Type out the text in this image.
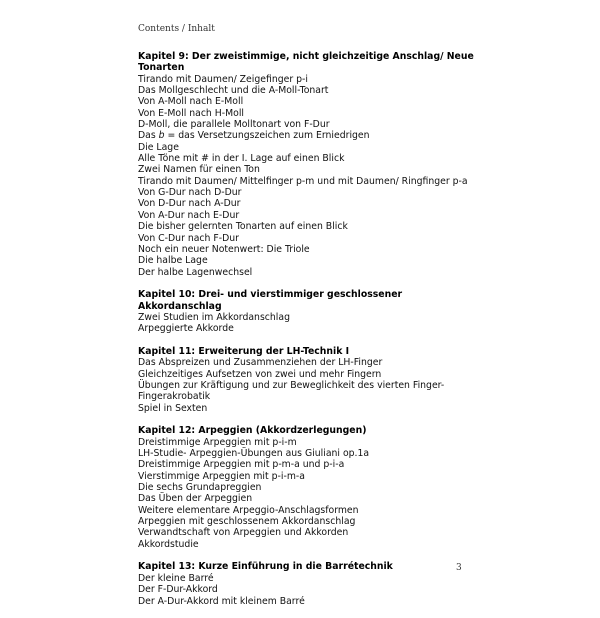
Contents / Inhalt
Kapitel 9: Der zweistimmige, nicht gleichzeitige Anschlag/ Neue Tonarten
Tirando mit Daumen/ Zeigefinger p-i
Das Mollgeschlecht und die A-Moll-Tonart
Von A-Moll nach E-Moll
Von E-Moll nach H-Moll
D-Moll, die parallele Molltonart von F-Dur
Das b = das Versetzungszeichen zum Erniedrigen
Die Lage
Alle Töne mit # in der I. Lage auf einen Blick
Zwei Namen für einen Ton
Tirando mit Daumen/ Mittelfinger p-m und mit Daumen/ Ringfinger p-a
Von G-Dur nach D-Dur
Von D-Dur nach A-Dur
Von A-Dur nach E-Dur
Die bisher gelernten Tonarten auf einen Blick
Von C-Dur nach F-Dur
Noch ein neuer Notenwert: Die Triole
Die halbe Lage
Der halbe Lagenwechsel
Kapitel 10: Drei- und vierstimmiger geschlossener Akkordanschlag
Zwei Studien im Akkordanschlag
Arpeggierte Akkorde
Kapitel 11: Erweiterung der LH-Technik I
Das Abspreizen und Zusammenziehen der LH-Finger
Gleichzeitiges Aufsetzen von zwei und mehr Fingern
Übungen zur Kräftigung und zur Beweglichkeit des vierten Finger-
Fingerakrobatik
Spiel in Sexten
Kapitel 12: Arpeggien (Akkordzerlegungen)
Dreistimmige Arpeggien mit p-i-m
LH-Studie- Arpeggien-Übungen aus Giuliani op.1a
Dreistimmige Arpeggien mit p-m-a und p-i-a
Vierstimmige Arpeggien mit p-i-m-a
Die sechs Grundapreggien
Das Üben der Arpeggien
Weitere elementare Arpeggio-Anschlagsformen
Arpeggien mit geschlossenem Akkordanschlag
Verwandtschaft von Arpeggien und Akkorden
Akkordstudie
Kapitel 13: Kurze Einführung in die Barrétechnik
Der kleine Barré
Der F-Dur-Akkord
Der A-Dur-Akkord mit kleinem Barré
3
